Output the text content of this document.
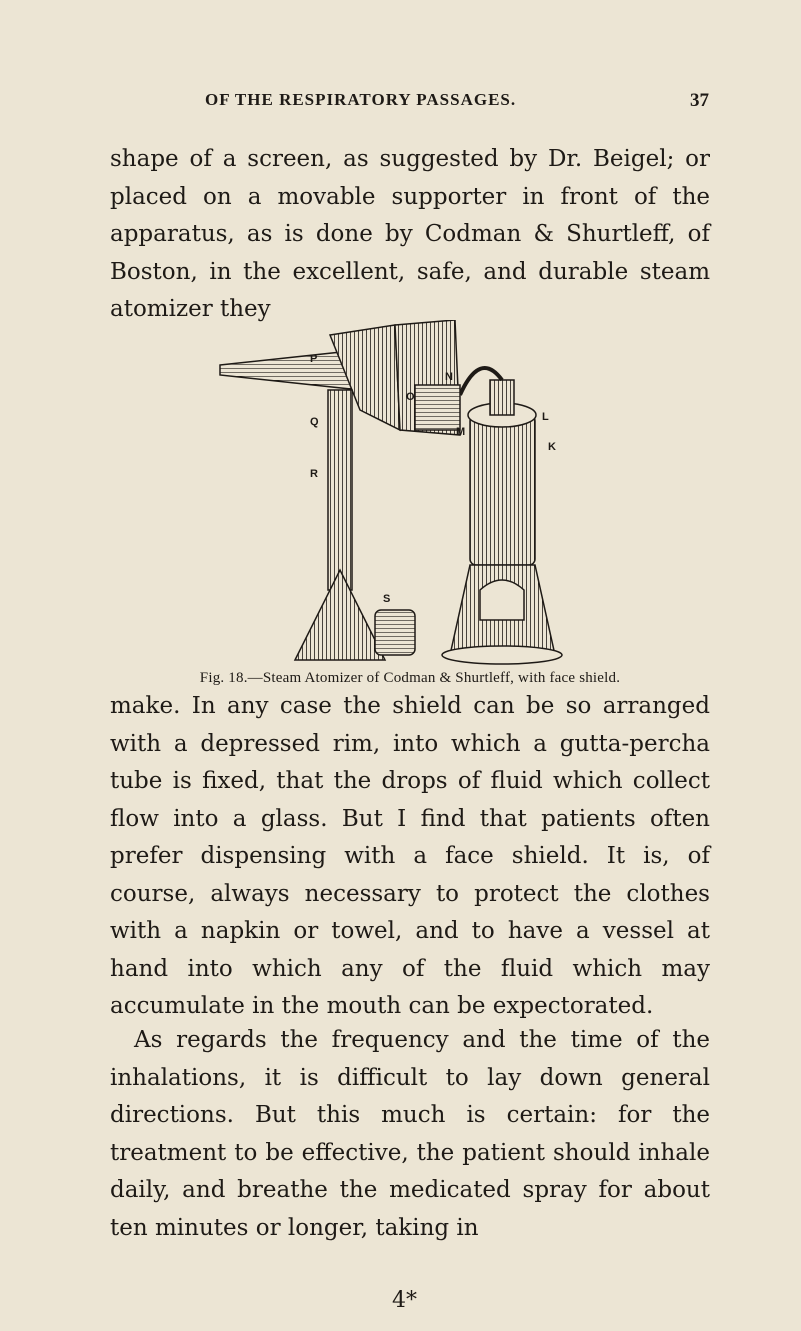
OF THE RESPIRATORY PASSAGES.	37

shape of a screen, as suggested by Dr. Beigel; or placed on a movable supporter in front of the apparatus, as is done by Codman & Shurtleff, of Boston, in the excellent, safe, and durable steam atomizer they

P
N
O
L
M
K
Q
R
S
Fig. 18.—Steam Atomizer of Codman & Shurtleff, with face shield.

make. In any case the shield can be so arranged with a depressed rim, into which a gutta-percha tube is fixed, that the drops of fluid which collect flow into a glass. But I find that patients often prefer dispensing with a face shield. It is, of course, always necessary to protect the clothes with a napkin or towel, and to have a vessel at hand into which any of the fluid which may accumulate in the mouth can be expectorated.

As regards the frequency and the time of the inhalations, it is difficult to lay down general directions. But this much is certain: for the treatment to be effective, the patient should inhale daily, and breathe the medicated spray for about ten minutes or longer, taking in

4*
